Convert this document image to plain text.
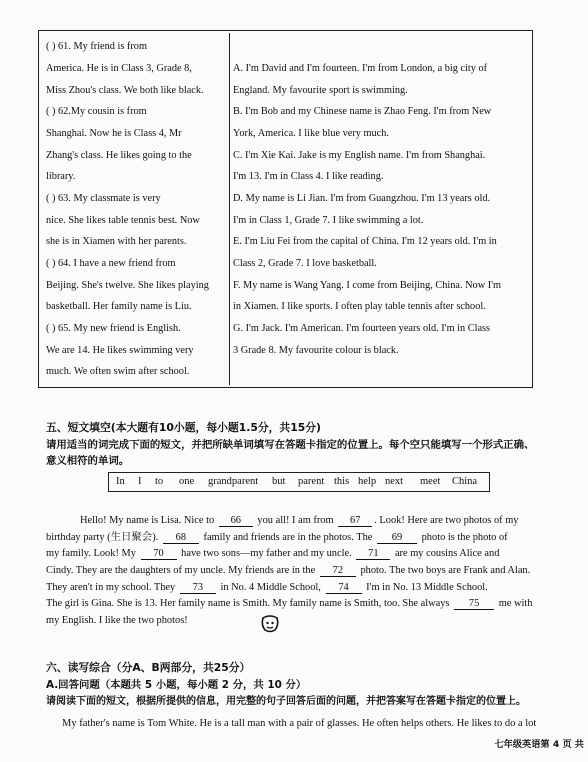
( ) 61. My friend is from
America. He is in Class 3, Grade 8,
Miss Zhou's class. We both like black.
( ) 62.My cousin is from
Shanghai. Now he is Class 4, Mr
Zhang's class. He likes going to the
library.
( ) 63. My classmate is very
nice. She likes table tennis best. Now
she is in Xiamen with her parents.
( ) 64. I have a new friend from
Beijing. She's twelve. She likes playing
basketball. Her family name is Liu.
( ) 65. My new friend is English.
We are 14. He likes swimming very
much. We often swim after school.
A. I'm David and I'm fourteen. I'm from London, a big city of
England. My favourite sport is swimming.
B. I'm Bob and my Chinese name is Zhao Feng. I'm from New
York, America. I like blue very much.
C. I'm Xie Kai. Jake is my English name. I'm from Shanghai.
I'm 13. I'm in Class 4. I like reading.
D. My name is Li Jian. I'm from Guangzhou. I'm 13 years old.
I'm in Class 1, Grade 7. I like swimming a lot.
E. I'm Liu Fei from the capital of China. I'm 12 years old. I'm in
Class 2, Grade 7. I love basketball.
F. My name is Wang Yang. I come from Beijing, China. Now I'm
in Xiamen. I like sports. I often play table tennis after school.
G. I'm Jack. I'm American. I'm fourteen years old. I'm in Class
3 Grade 8. My favourite colour is black.
五、短文填空(本大题有10小题，每小题1.5分，共15分)
请用适当的词完成下面的短文，并把所缺单词填写在答题卡指定的位置上。每个空只能填写一个形式正确、
意义相符的单词。
In I to one grandparent but parent this help next meet China
Hello! My name is Lisa. Nice to 66 you all! I am from 67 . Look! Here are two photos of my
birthday party (生日聚会). 68 family and friends are in the photos. The 69 photo is the photo of
my family. Look! My 70 have two sons—my father and my uncle. 71 are my cousins Alice and
Cindy. They are the daughters of my uncle. My friends are in the 72 photo. The two boys are Frank and Alan.
They aren't in my school. They 73 in No. 4 Middle School, 74 I'm in No. 13 Middle School.
The girl is Gina. She is 13. Her family name is Smith. My family name is Smith, too. She always 75 me with
my English. I like the two photos!
六、读写综合（分A、B两部分，共25分）
A.回答问题（本题共 5 小题，每小题 2 分，共 10 分）
请阅读下面的短文，根据所提供的信息，用完整的句子回答后面的问题，并把答案写在答题卡指定的位置上。
My father's name is Tom White. He is a tall man with a pair of glasses. He often helps others. He likes to do a lot
七年级英语第 4 页 共
